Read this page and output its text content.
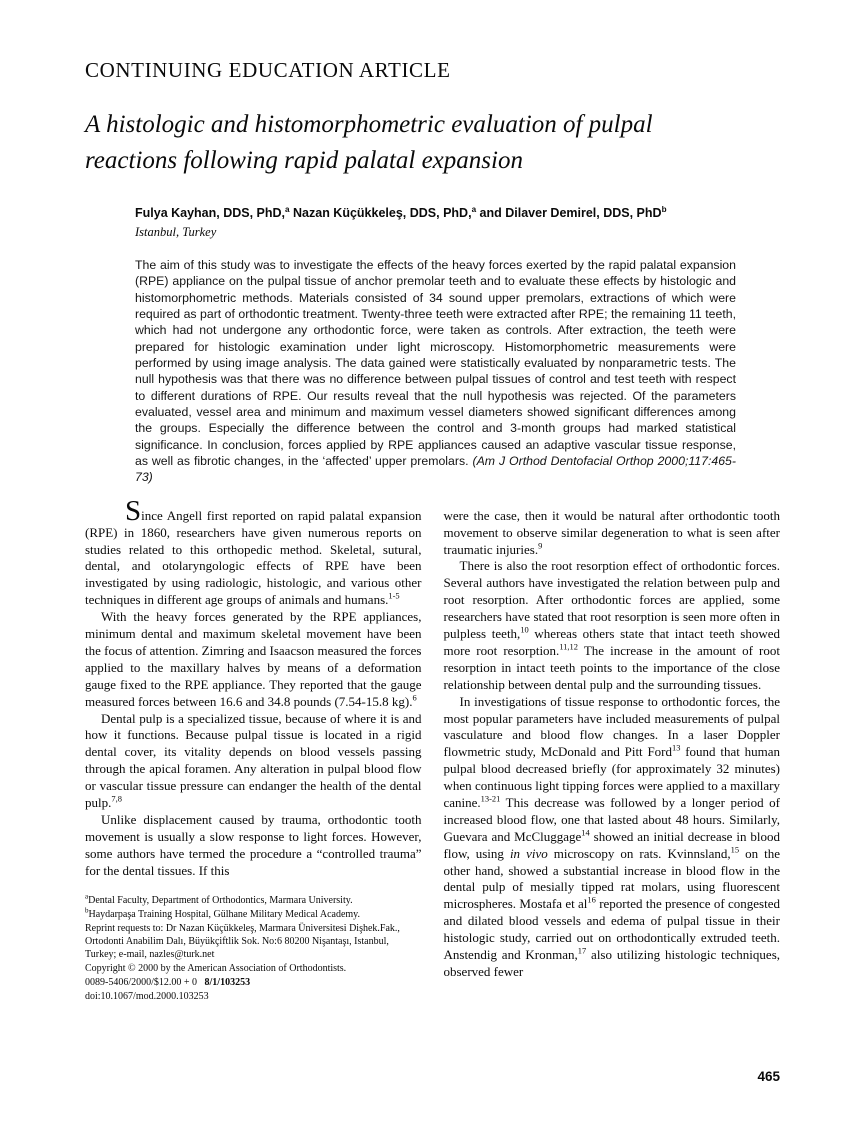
CONTINUING EDUCATION ARTICLE
A histologic and histomorphometric evaluation of pulpal
reactions following rapid palatal expansion

Fulya Kayhan, DDS, PhD,$^a$ Nazan Küçükkeleş, DDS, PhD,$^a$ and Dilaver Demirel, DDS, PhD$^b$

Istanbul, Turkey

The aim of this study was to investigate the effects of the heavy forces exerted by the rapid palatal expansion (RPE) appliance on the pulpal tissue of anchor premolar teeth and to evaluate these effects by histologic and histomorphometric methods. Materials consisted of 34 sound upper premolars, extractions of which were required as part of orthodontic treatment. Twenty-three teeth were extracted after RPE; the remaining 11 teeth, which had not undergone any orthodontic force, were taken as controls. After extraction, the teeth were prepared for histologic examination under light microscopy. Histomorphometric measurements were performed by using image analysis. The data gained were statistically evaluated by nonparametric tests. The null hypothesis was that there was no difference between pulpal tissues of control and test teeth with respect to different durations of RPE. Our results reveal that the null hypothesis was rejected. Of the parameters evaluated, vessel area and minimum and maximum vessel diameters showed significant differences among the groups. Especially the difference between the control and 3-month groups had marked statistical significance. In conclusion, forces applied by RPE appliances caused an adaptive vascular tissue response, as well as fibrotic changes, in the ‘affected’ upper premolars. (Am J Orthod Dentofacial Orthop 2000;117:465-73)

Since Angell first reported on rapid palatal expansion (RPE) in 1860, researchers have given numerous reports on studies related to this orthopedic method. Skeletal, sutural, dental, and otolaryngologic effects of RPE have been investigated by using radiologic, histologic, and various other techniques in different age groups of animals and humans.$^{1-5}$

With the heavy forces generated by the RPE appliances, minimum dental and maximum skeletal movement have been the focus of attention. Zimring and Isaacson measured the forces applied to the maxillary halves by means of a deformation gauge fixed to the RPE appliance. They reported that the gauge measured forces between 16.6 and 34.8 pounds (7.54-15.8 kg).$^6$

Dental pulp is a specialized tissue, because of where it is and how it functions. Because pulpal tissue is located in a rigid dental cover, its vitality depends on blood vessels passing through the apical foramen. Any alteration in pulpal blood flow or vascular tissue pressure can endanger the health of the dental pulp.$^{7,8}$

Unlike displacement caused by trauma, orthodontic tooth movement is usually a slow response to light forces. However, some authors have termed the procedure a “controlled trauma” for the dental tissues. If this

$^a$Dental Faculty, Department of Orthodontics, Marmara University.

$^b$Haydarpaşa Training Hospital, Gülhane Military Medical Academy.

Reprint requests to: Dr Nazan Küçükkeleş, Marmara Üniversitesi Dişhek.Fak., Ortodonti Anabilim Dalı, Büyükçiftlik Sok. No:6 80200 Nişantaşı, Istanbul, Turkey; e-mail, nazles@turk.net

Copyright © 2000 by the American Association of Orthodontists.

0089-5406/2000/$12.00 + 0   8/1/103253

doi:10.1067/mod.2000.103253

were the case, then it would be natural after orthodontic tooth movement to observe similar degeneration to what is seen after traumatic injuries.$^9$

There is also the root resorption effect of orthodontic forces. Several authors have investigated the relation between pulp and root resorption. After orthodontic forces are applied, some researchers have stated that root resorption is seen more often in pulpless teeth,$^{10}$ whereas others state that intact teeth showed more root resorption.$^{11,12}$ The increase in the amount of root resorption in intact teeth points to the importance of the close relationship between dental pulp and the surrounding tissues.

In investigations of tissue response to orthodontic forces, the most popular parameters have included measurements of pulpal vasculature and blood flow changes. In a laser Doppler flowmetric study, McDonald and Pitt Ford$^{13}$ found that human pulpal blood decreased briefly (for approximately 32 minutes) when continuous light tipping forces were applied to a maxillary canine.$^{13-21}$ This decrease was followed by a longer period of increased blood flow, one that lasted about 48 hours. Similarly, Guevara and McCluggage$^{14}$ showed an initial decrease in blood flow, using in vivo microscopy on rats. Kvinnsland,$^{15}$ on the other hand, showed a substantial increase in blood flow in the dental pulp of mesially tipped rat molars, using fluorescent microspheres. Mostafa et $al^{16}$ reported the presence of congested and dilated blood vessels and edema of pulpal tissue in their histologic study, carried out on orthodontically extruded teeth. Anstendig and Kronman,$^{17}$ also utilizing histologic techniques, observed fewer

465
